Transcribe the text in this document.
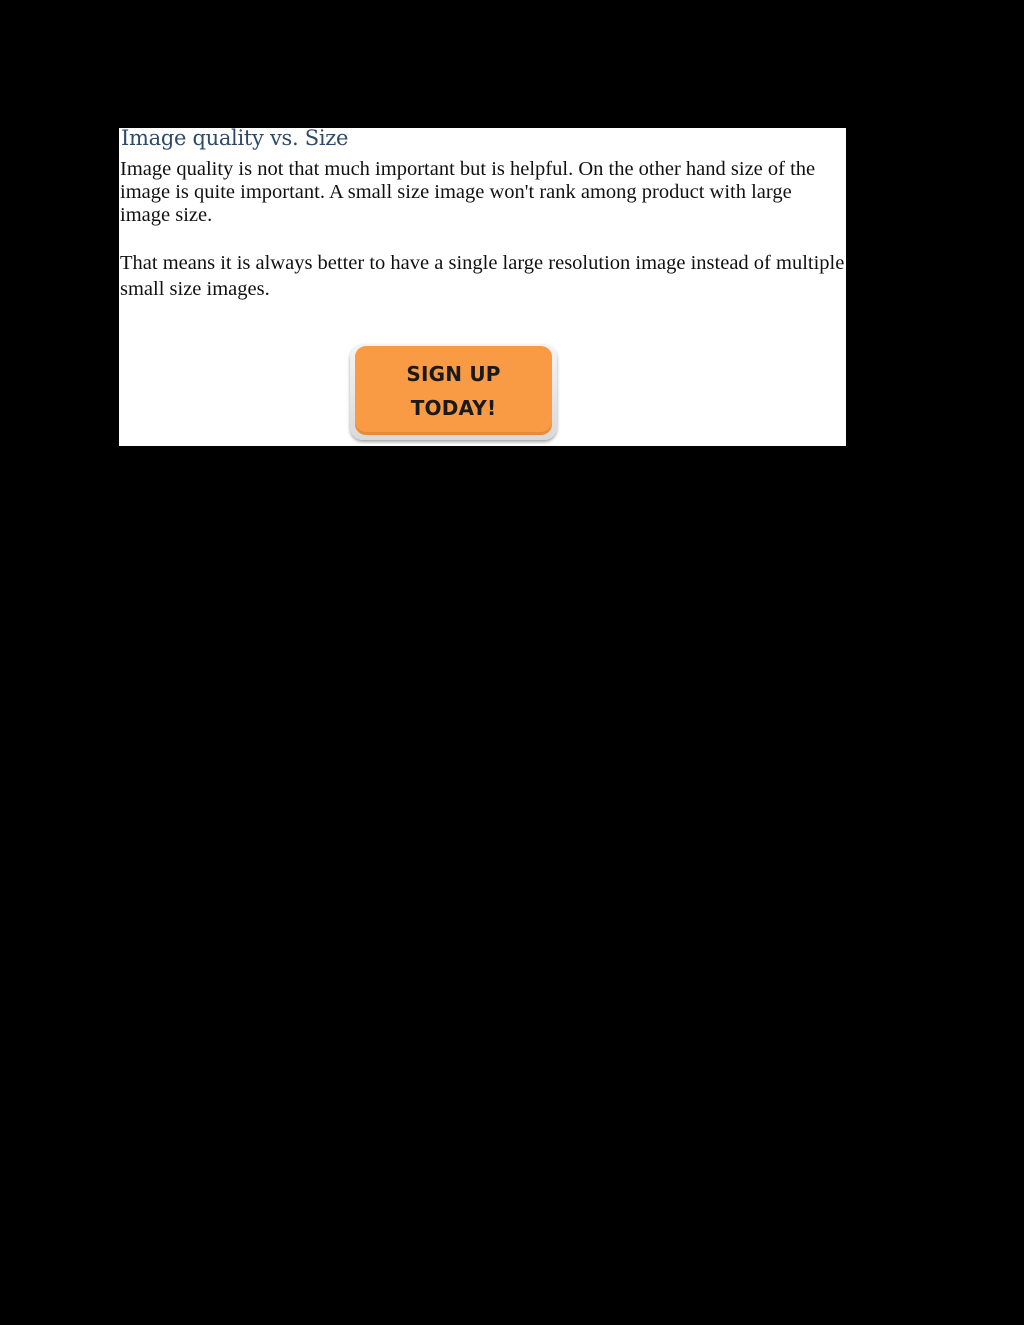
Image quality vs. Size

Image quality is not that much important but is helpful. On the other hand size of the image is quite important. A small size image won't rank among product with large image size.

That means it is always better to have a single large resolution image instead of multiple small size images.

SIGN UP
TODAY!
